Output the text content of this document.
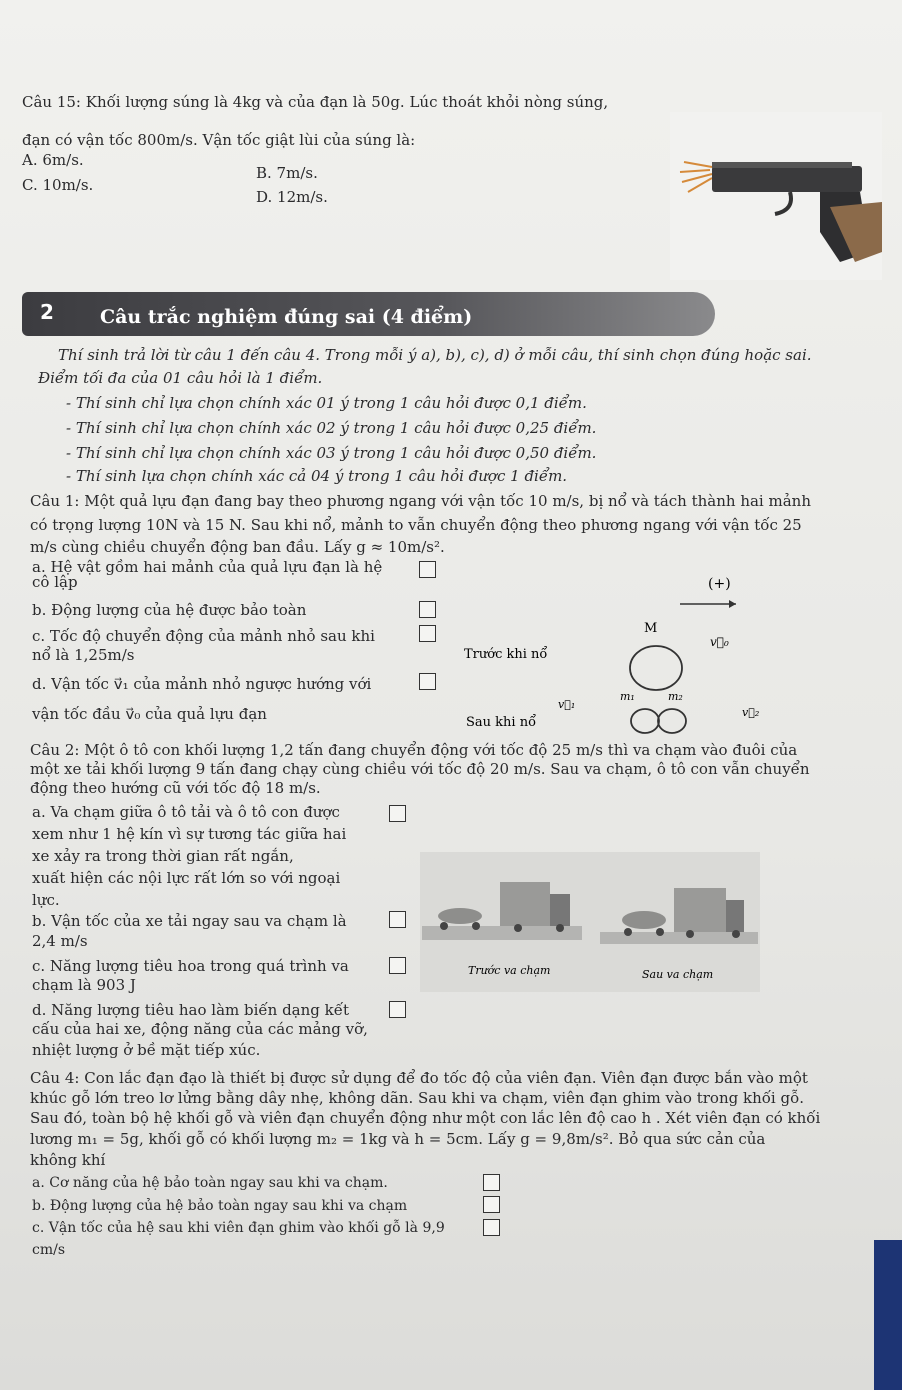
Câu 15: Khối lượng súng là 4kg và của đạn là 50g. Lúc thoát khỏi nòng súng,
đạn có vận tốc 800m/s. Vận tốc giật lùi của súng là:
A. 6m/s.
B. 7m/s.
C. 10m/s.
D. 12m/s.
2 Câu trắc nghiệm đúng sai (4 điểm)
Thí sinh trả lời từ câu 1 đến câu 4. Trong mỗi ý a), b), c), d) ở mỗi câu, thí sinh chọn đúng hoặc sai.
Điểm tối đa của 01 câu hỏi là 1 điểm.
- Thí sinh chỉ lựa chọn chính xác 01 ý trong 1 câu hỏi được 0,1 điểm.
- Thí sinh chỉ lựa chọn chính xác 02 ý trong 1 câu hỏi được 0,25 điểm.
- Thí sinh chỉ lựa chọn chính xác 03 ý trong 1 câu hỏi được 0,50 điểm.
- Thí sinh lựa chọn chính xác cả 04 ý trong 1 câu hỏi được 1 điểm.
Câu 1: Một quả lựu đạn đang bay theo phương ngang với vận tốc 10 m/s, bị nổ và tách thành hai mảnh
có trọng lượng 10N và 15 N. Sau khi nổ, mảnh to vẫn chuyển động theo phương ngang với vận tốc 25
m/s cùng chiều chuyển động ban đầu. Lấy g ≈ 10m/s².
a. Hệ vật gồm hai mảnh của quả lựu đạn là hệ
cô lập
b. Động lượng của hệ được bảo toàn
c. Tốc độ chuyển động của mảnh nhỏ sau khi
nổ là 1,25m/s
d. Vận tốc v⃗₁ của mảnh nhỏ ngược hướng với
vận tốc đầu v⃗₀ của quả lựu đạn
(+)
M
v⃗₀
Trước khi nổ
m₁	m₂
v⃗₁
v⃗₂
Sau khi nổ
Câu 2: Một ô tô con khối lượng 1,2 tấn đang chuyển động với tốc độ 25 m/s thì va chạm vào đuôi của
một xe tải khối lượng 9 tấn đang chạy cùng chiều với tốc độ 20 m/s. Sau va chạm, ô tô con vẫn chuyển
động theo hướng cũ với tốc độ 18 m/s.
a. Va chạm giữa ô tô tải và ô tô con được
xem như 1 hệ kín vì sự tương tác giữa hai
xe xảy ra trong thời gian rất ngắn,
xuất hiện các nội lực rất lớn so với ngoại
lực.
b. Vận tốc của xe tải ngay sau va chạm là
2,4 m/s
c. Năng lượng tiêu hoa trong quá trình va
chạm là 903 J
d. Năng lượng tiêu hao làm biến dạng kết
cấu của hai xe, động năng của các mảng vỡ,
nhiệt lượng ở bề mặt tiếp xúc.
Trước va chạm	Sau va chạm
Câu 4: Con lắc đạn đạo là thiết bị được sử dụng để đo tốc độ của viên đạn. Viên đạn được bắn vào một
khúc gỗ lớn treo lơ lửng bằng dây nhẹ, không dãn. Sau khi va chạm, viên đạn ghim vào trong khối gỗ.
Sau đó, toàn bộ hệ khối gỗ và viên đạn chuyển động như một con lắc lên độ cao h . Xét viên đạn có khối
lương m₁ = 5g, khối gỗ có khối lượng m₂ = 1kg và h = 5cm. Lấy g = 9,8m/s². Bỏ qua sức cản của
không khí
a. Cơ năng của hệ bảo toàn ngay sau khi va chạm.
b. Động lượng của hệ bảo toàn ngay sau khi va chạm
c. Vận tốc của hệ sau khi viên đạn ghim vào khối gỗ là 9,9
cm/s
